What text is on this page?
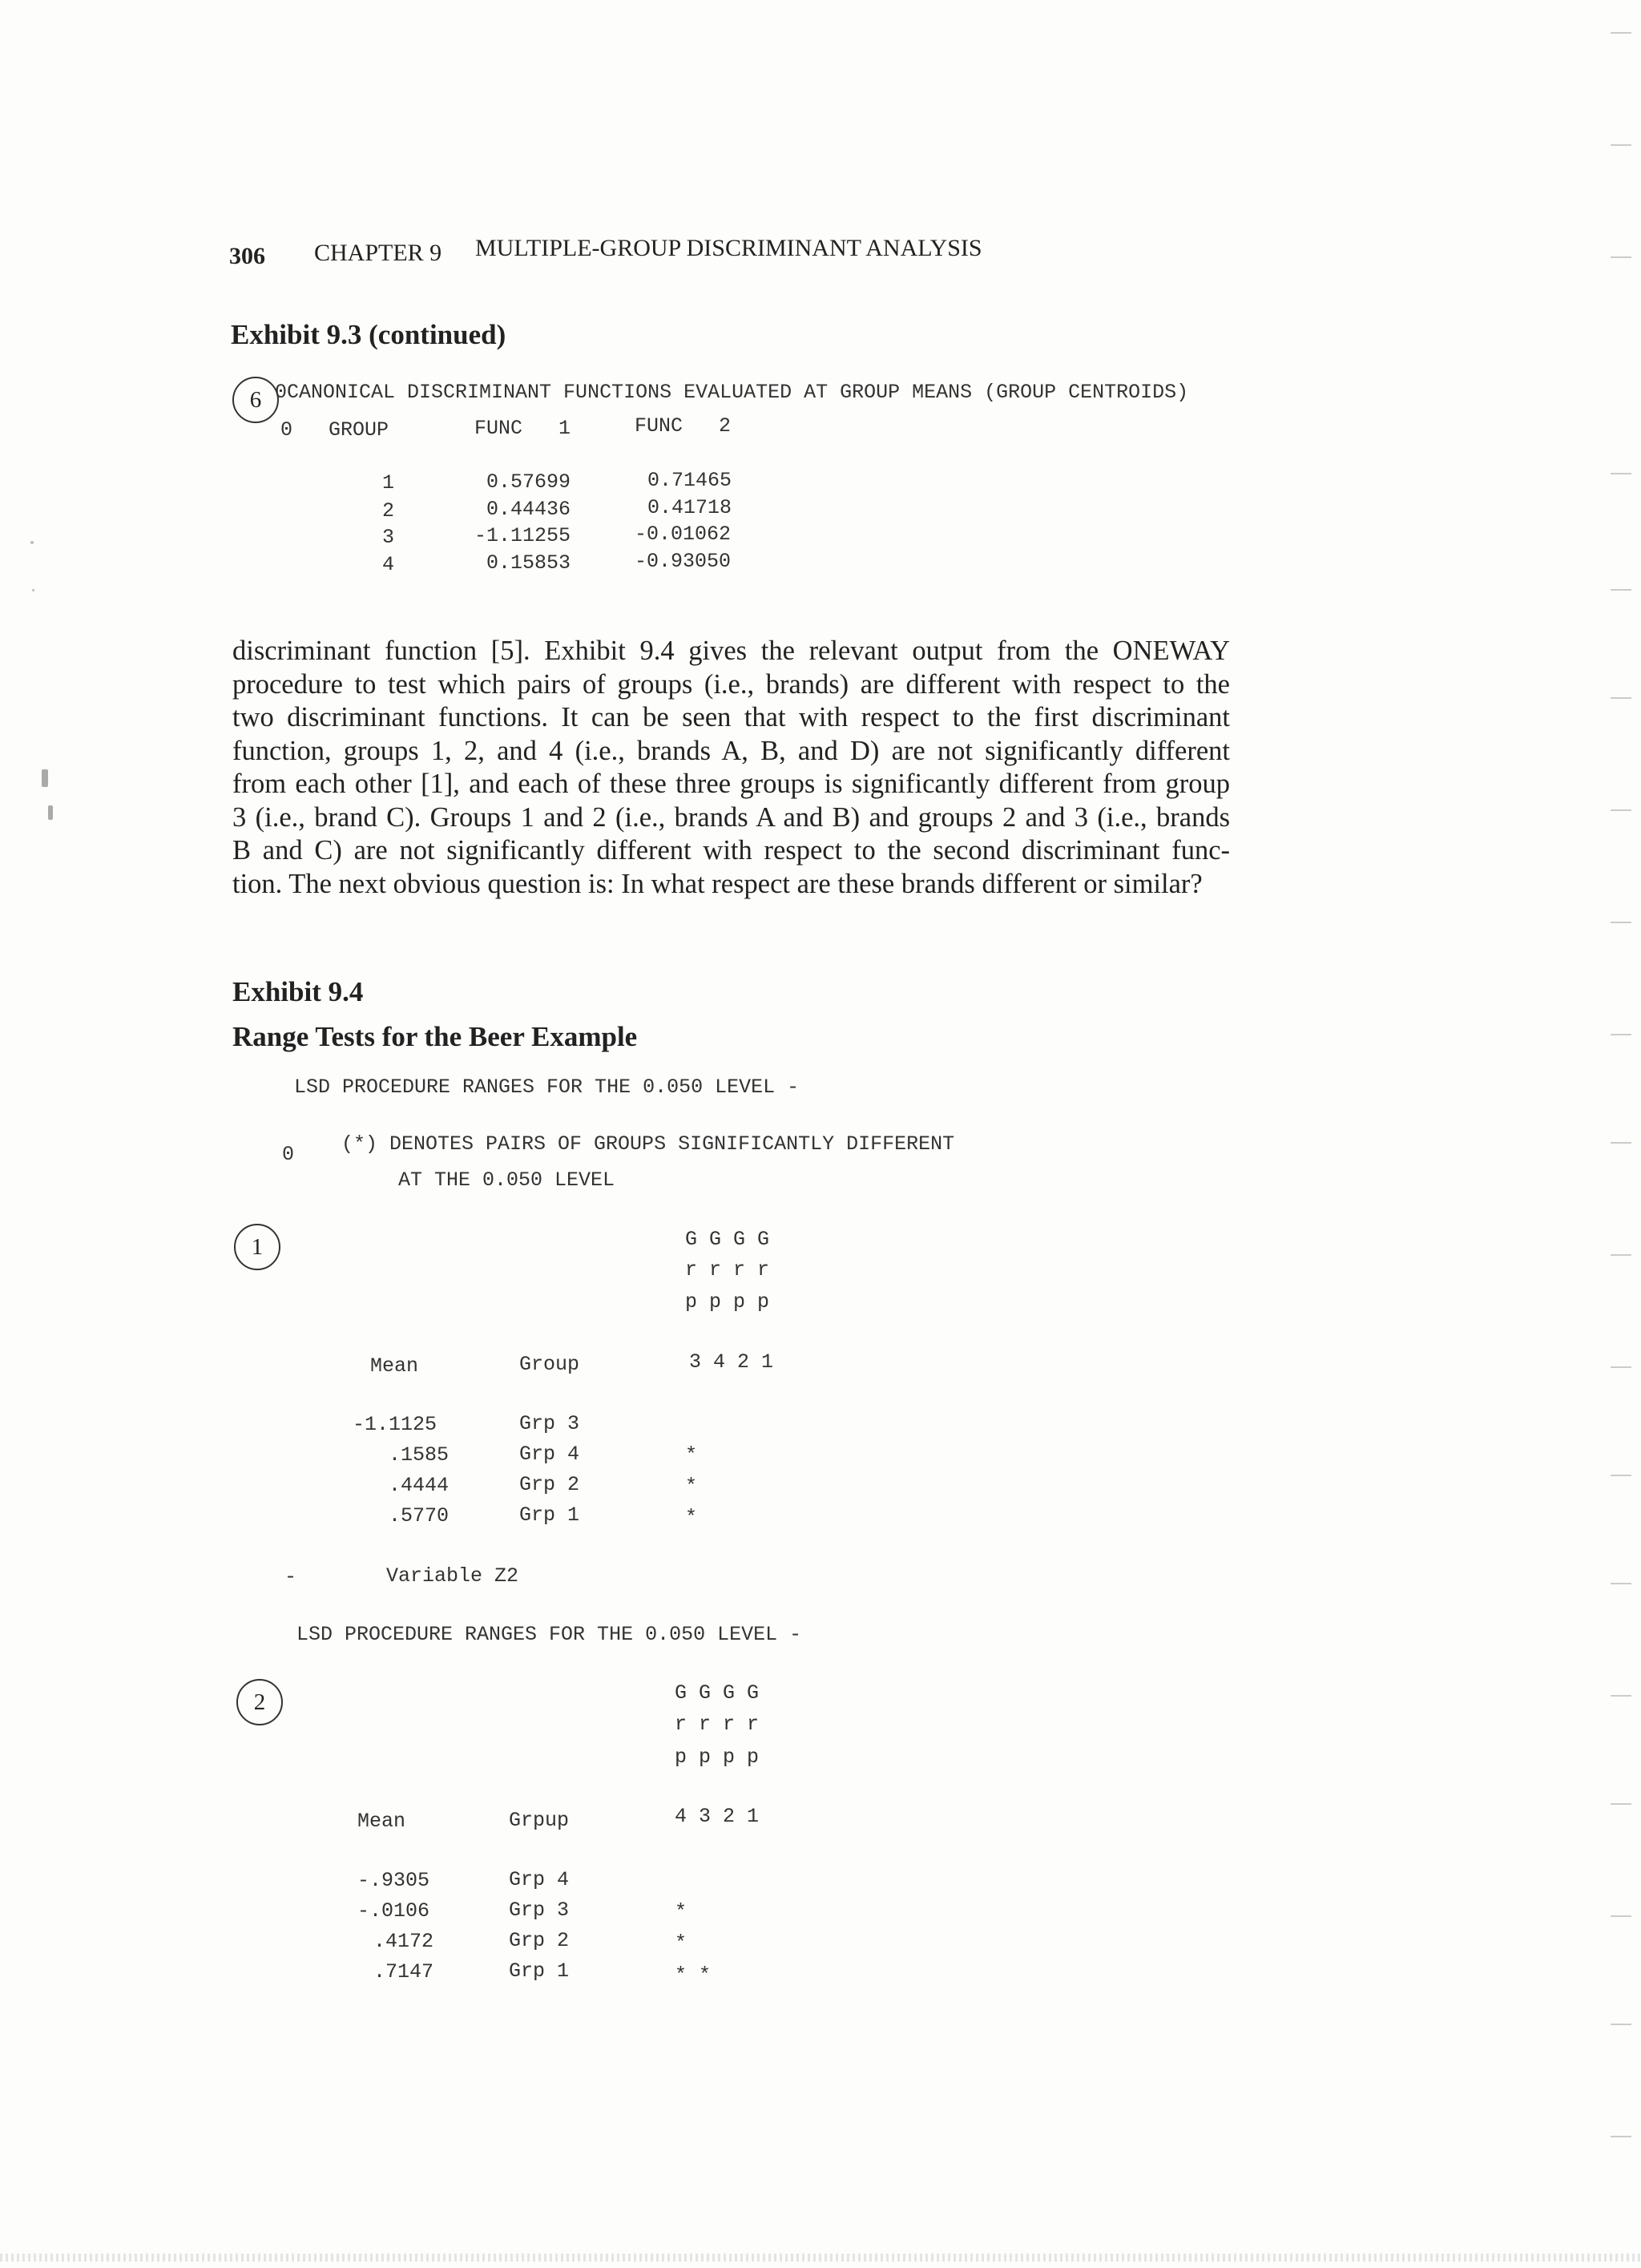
306 CHAPTER 9 MULTIPLE-GROUP DISCRIMINANT ANALYSIS
Exhibit 9.3 (continued)
6 0CANONICAL DISCRIMINANT FUNCTIONS EVALUATED AT GROUP MEANS (GROUP CENTROIDS)
0 GROUP	FUNC   1	FUNC   2
1	0.57699	0.71465
2	0.44436	0.41718
3	-1.11255	-0.01062
4	0.15853	-0.93050
discriminant function [5]. Exhibit 9.4 gives the relevant output from the ONEWAY
procedure to test which pairs of groups (i.e., brands) are different with respect to the
two discriminant functions. It can be seen that with respect to the first discriminant
function, groups 1, 2, and 4 (i.e., brands A, B, and D) are not significantly different
from each other [1], and each of these three groups is significantly different from group
3 (i.e., brand C). Groups 1 and 2 (i.e., brands A and B) and groups 2 and 3 (i.e., brands
B and C) are not significantly different with respect to the second discriminant func-
tion. The next obvious question is: In what respect are these brands different or similar?
Exhibit 9.4
Range Tests for the Beer Example
LSD PROCEDURE RANGES FOR THE 0.050 LEVEL -
0 (*) DENOTES PAIRS OF GROUPS SIGNIFICANTLY DIFFERENT
AT THE 0.050 LEVEL
1	G G G G
r r r r
p p p p
Mean	Group	3 4 2 1
-1.1125	Grp 3
.1585	Grp 4	*
.4444	Grp 2	*
.5770	Grp 1	*
-	Variable Z2
LSD PROCEDURE RANGES FOR THE 0.050 LEVEL -
2	G G G G
r r r r
p p p p
Mean	Grpup	4 3 2 1
-.9305	Grp 4
-.0106	Grp 3	*
.4172	Grp 2	*
.7147	Grp 1	* *
